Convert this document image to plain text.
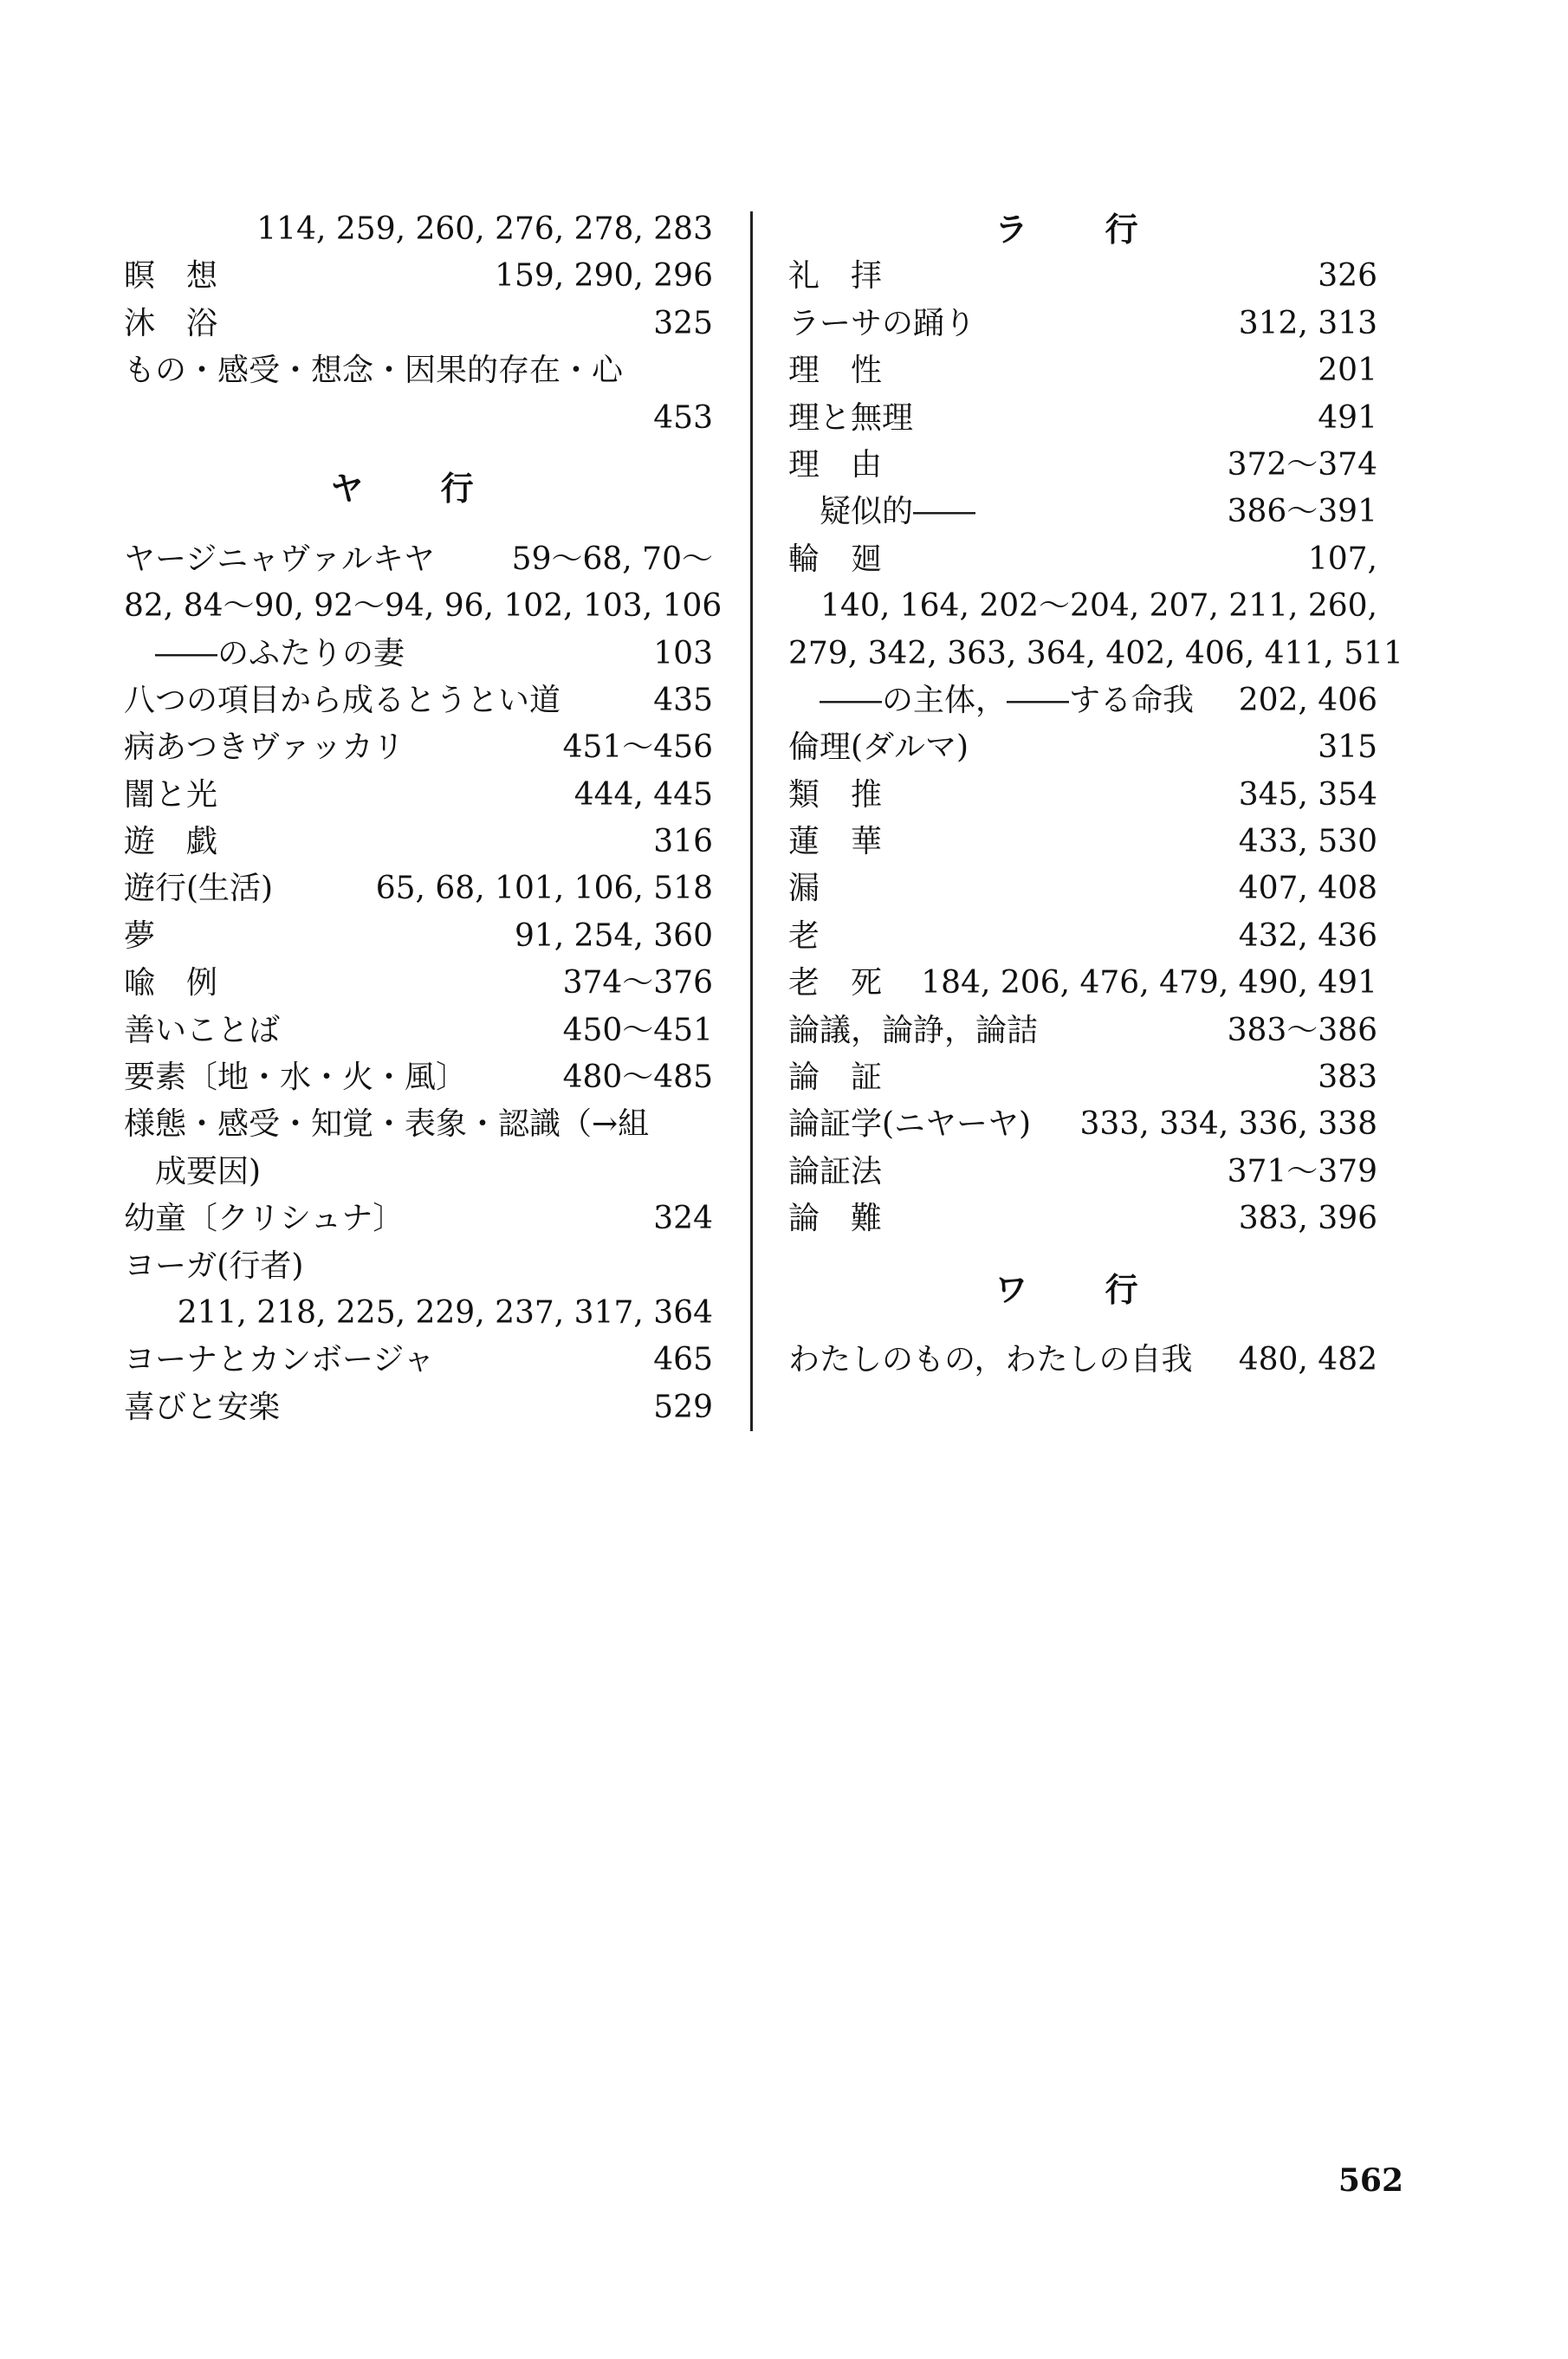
114, 259, 260, 276, 278, 283
瞑　想	159, 290, 296
沐　浴	325
もの・感受・想念・因果的存在・心
453
ヤ 行
ヤージニャヴァルキヤ	59〜68, 70〜
82, 84〜90, 92〜94, 96, 102, 103, 106
　――のふたりの妻	103
八つの項目から成るとうとい道	435
病あつきヴァッカリ	451〜456
闇と光	444, 445
遊　戯	316
遊行(生活)	65, 68, 101, 106, 518
夢	91, 254, 360
喩　例	374〜376
善いことば	450〜451
要素〔地・水・火・風〕	480〜485
様態・感受・知覚・表象・認識（→組
　成要因)
幼童〔クリシュナ〕	324
ヨーガ(行者)
211, 218, 225, 229, 237, 317, 364
ヨーナとカンボージャ	465
喜びと安楽	529
ラ 行
礼　拝	326
ラーサの踊り	312, 313
理　性	201
理と無理	491
理　由	372〜374
　疑似的――	386〜391
輪　廻	107,
140, 164, 202〜204, 207, 211, 260,
279, 342, 363, 364, 402, 406, 411, 511
　――の主体，――する命我	202, 406
倫理(ダルマ)	315
類　推	345, 354
蓮　華	433, 530
漏	407, 408
老	432, 436
老　死	184, 206, 476, 479, 490, 491
論議，論諍，論詰	383〜386
論　証	383
論証学(ニヤーヤ)	333, 334, 336, 338
論証法	371〜379
論　難	383, 396
ワ 行
わたしのもの，わたしの自我	480, 482
562
